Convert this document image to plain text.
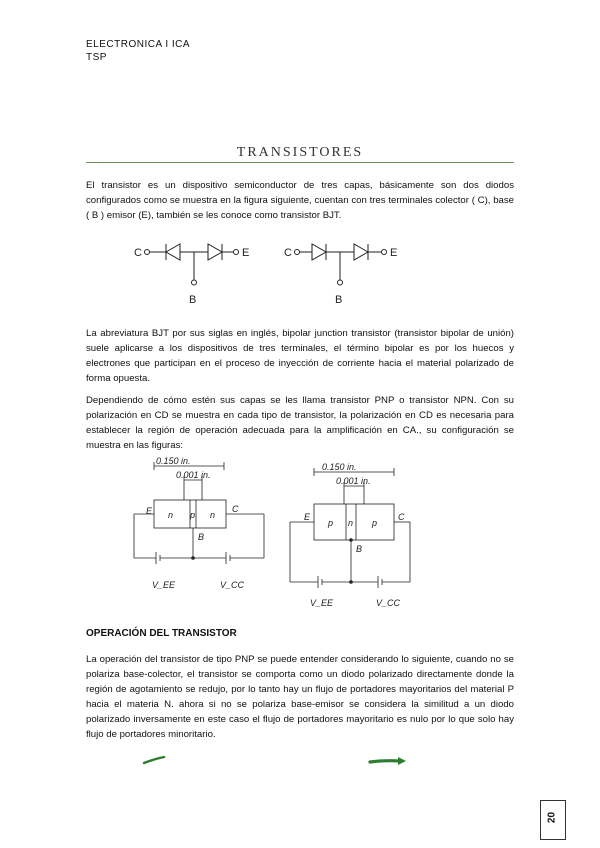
ELECTRONICA I ICA
TSP
TRANSISTORES
El transistor es un dispositivo semiconductor de tres capas, básicamente son dos diodos configurados como se muestra en la figura siguiente, cuentan con tres terminales colector ( C), base ( B ) emisor (E), también se les conoce como transistor BJT.
C	E
B
C	E
B
La abreviatura BJT por sus siglas en inglés, bipolar junction transistor (transistor bipolar de unión) suele aplicarse a los dispositivos de tres terminales, el término bipolar es por los huecos y electrones que participan en el proceso de inyección de corriente hacia el material polarizado de forma opuesta.
Dependiendo de cómo estén sus capas se les llama transistor PNP o transistor NPN. Con su polarización en CD se muestra en cada tipo de transistor, la polarización en CD es necesaria para establecer la región de operación adecuada para la amplificación en CA., su configuración se muestra en las figuras:
0.150 in.
0.001 in.
E	C
n p n
B
V_EE	V_CC
0.150 in.
0.001 in.
E	C
p n p
B
V_EE	V_CC
OPERACIÓN DEL TRANSISTOR
La operación del transistor de tipo PNP se puede entender considerando lo siguiente, cuando no se polariza base-colector, el transistor se comporta como un diodo polarizado directamente donde la región de agotamiento se redujo, por lo tanto hay un flujo de portadores mayoritarios del material P hacia el materia N. ahora si no se polariza base-emisor se considera la similitud a un diodo polarizado inversamente en este caso el flujo de portadores mayoritario es nulo por lo que solo hay flujo de portadores minoritario.
20
